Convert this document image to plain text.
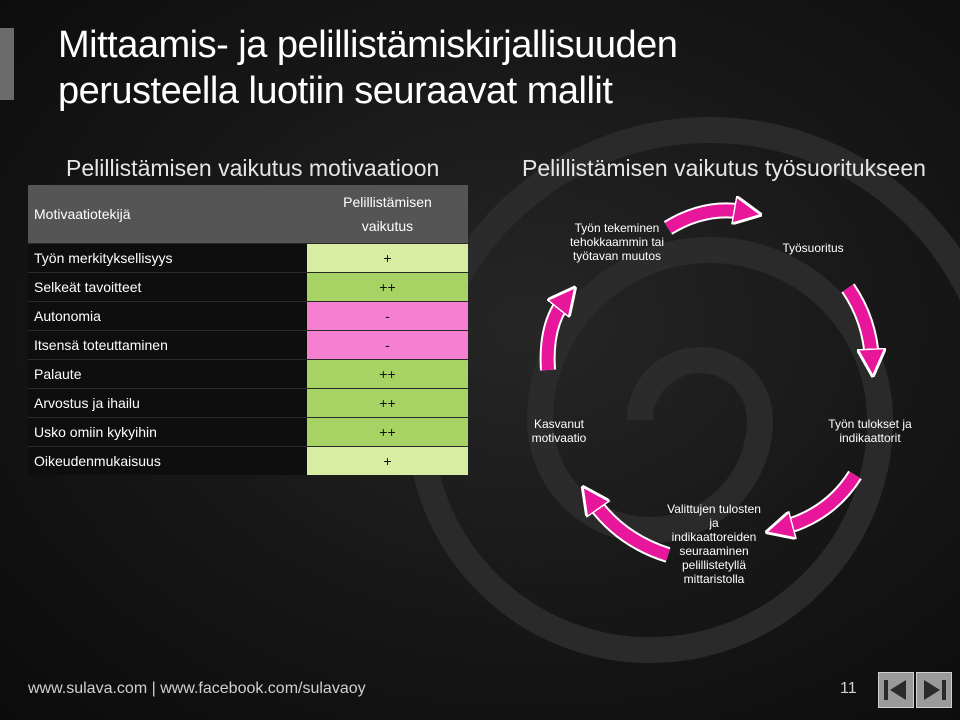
Mittaamis- ja pelillistämiskirjallisuuden
perusteella luotiin seuraavat mallit
Pelillistämisen vaikutus motivaatioon	Pelillistämisen vaikutus työsuoritukseen
Motivaatiotekijä	Pelillistämisen
vaikutus

Työn merkityksellisyys	+
Selkeät tavoitteet	++
Autonomia	-
Itsensä toteuttaminen	-
Palaute	++
Arvostus ja ihailu	++
Usko omiin kykyihin	++
Oikeudenmukaisuus	+
Työn tekeminen tehokkaammin tai työtavan muutos
Työsuoritus
Työn tulokset ja indikaattorit
Valittujen tulosten ja indikaattoreiden seuraaminen pelillistetyllä mittaristolla
Kasvanut motivaatio
www.sulava.com | www.facebook.com/sulavaoy	11
